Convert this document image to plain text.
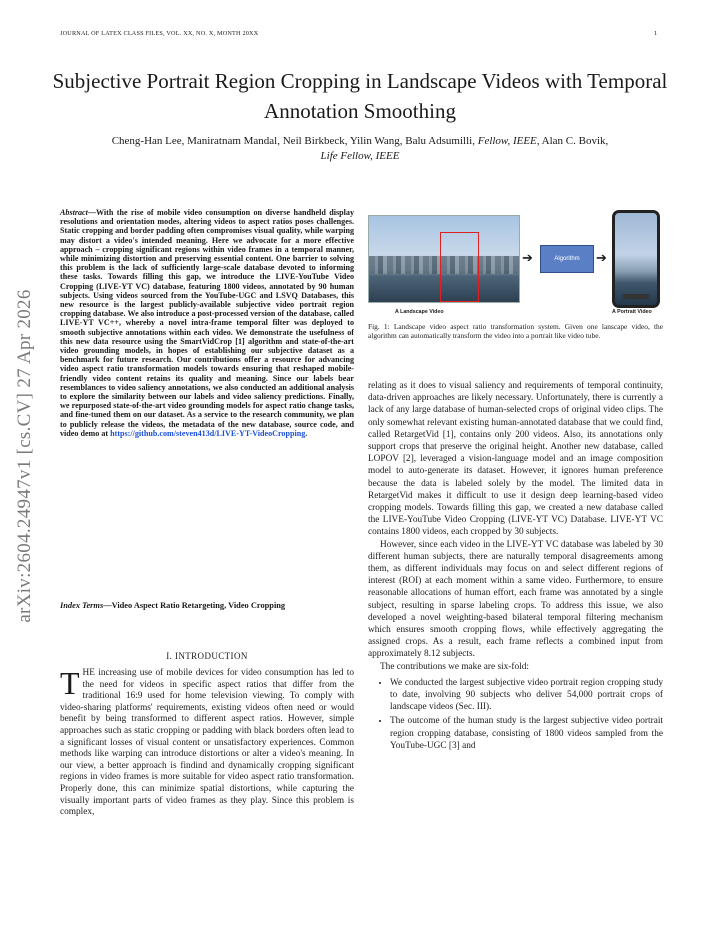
JOURNAL OF LATEX CLASS FILES, VOL. XX, NO. X, MONTH 20XX	1
Subjective Portrait Region Cropping in Landscape Videos with Temporal Annotation Smoothing
Cheng-Han Lee, Maniratnam Mandal, Neil Birkbeck, Yilin Wang, Balu Adsumilli, Fellow, IEEE, Alan C. Bovik,
Life Fellow, IEEE
arXiv:2604.24947v1 [cs.CV] 27 Apr 2026
Abstract—With the rise of mobile video consumption on diverse handheld display resolutions and orientation modes, altering videos to aspect ratios poses challenges. Static cropping and border padding often compromises visual quality, while warping may distort a video's intended meaning. Here we advocate for a more effective approach – cropping significant regions within video frames in a temporal manner, while minimizing distortion and preserving essential content. One barrier to solving this problem is the lack of sufficiently large-scale database devoted to informing these tasks. Towards filling this gap, we introduce the LIVE-YouTube Video Cropping (LIVE-YT VC) database, featuring 1800 videos, annotated by 90 human subjects. Using videos sourced from the YouTube-UGC and LSVQ Databases, this new resource is the largest publicly-available subjective video portrait region cropping database. We also introduce a post-processed version of the database, called LIVE-YT VC++, whereby a novel intra-frame temporal filter was deployed to smooth subjective annotations within each video. We demonstrate the usefulness of this new data resource using the SmartVidCrop [1] algorithm and state-of-the-art video grounding models, in hopes of establishing our subjective dataset as a benchmark for future research. Our contributions offer a resource for advancing video aspect ratio transformation models towards ensuring that reshaped mobile-friendly video content retains its quality and meaning. Since our labels bear resemblances to video saliency annotations, we also conducted an additional analysis to explore the similarity between our labels and video saliency predictions. Finally, we repurposed state-of-the-art video grounding models for aspect ratio change tasks, and fine-tuned them on our dataset. As a service to the research community, we plan to publicly release the videos, the metadata of the new database, source code, and video demo at https://github.com/steven413d/LIVE-YT-VideoCropping.
Index Terms—Video Aspect Ratio Retargeting, Video Cropping
I. INTRODUCTION
THE increasing use of mobile devices for video consumption has led to the need for videos in specific aspect ratios that differ from the traditional 16:9 used for home television viewing. To comply with video-sharing platforms' requirements, existing videos often need or would benefit by being transformed to different aspect ratios. However, simple approaches such as static cropping or padding with black borders often lead to a significant losses of visual content or unsatisfactory experiences. Common methods like warping can introduce distortions or alter a video's meaning. In our view, a better approach is findind and dynamically cropping significant regions in video frames is more suitable for video aspect ratio transformation. Properly done, this can minimize spatial distortions, while capturing the visually important parts of video frames as they play. Since this problem is complex,
➔	Algorithm	➔
A Landscape Video	A Portrait Video
Fig. 1: Landscape video aspect ratio transformation system. Given one lanscape video, the algorithm can automatically transform the video into a portrait like video tube.

relating as it does to visual saliency and requirements of temporal continuity, data-driven approaches are likely necessary. Unfortunately, there is currently a lack of any large database of human-selected crops of original video clips. The only somewhat relevant existing human-annotated database that we could find, called RetargetVid [1], contains only 200 videos. Also, its annotations only support crops that preserve the original height. Another new database, called LOPOV [2], leveraged a vision-language model and an image composition model to auto-generate its dataset. However, it ignores human preference because the data is labeled solely by the model. The limited data in RetargetVid makes it difficult to use it design deep learning-based video cropping models. Towards filling this gap, we created a new database called the LIVE-YouTube Video Cropping (LIVE-YT VC) Database. LIVE-YT VC contains 1800 videos, each cropped by 30 subjects.

However, since each video in the LIVE-YT VC database was labeled by 30 different human subjects, there are naturally temporal disagreements among them, as different individuals may focus on and select different regions of interest (ROI) at each moment within a same video. Furthermore, to ensure reasonable allocations of human effort, each frame was annotated by a single subject, resulting in sparse labeling crops. To address this issue, we also developed a novel weighting-based bilateral temporal filtering mechanism which ensures smooth cropping flows, while effectively aggregating the assigned crops. As a result, each frame reflects a combined input from approximately 8.12 subjects.

The contributions we make are six-fold:

• We conducted the largest subjective video portrait region cropping study to date, involving 90 subjects who deliver 54,000 portrait crops of landscape videos (Sec. III).
• The outcome of the human study is the largest subjective video portrait region cropping database, consisting of 1800 videos sampled from the YouTube-UGC [3] and
